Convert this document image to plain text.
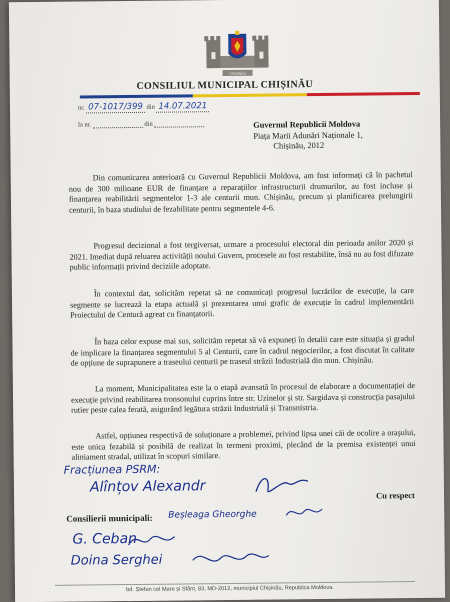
CHIȘINĂU
CONSILIUL MUNICIPAL CHIȘINĂU
nr. 07-1017/399 din 14.07.2021
la nr.	din	Guvernul Republicii Moldova
Piața Marii Adunări Naționale 1,
Chișinău, 2012

Din comunicarea anterioară cu Guvernul Republicii Moldova, am fost informați că în pachetul nou de 300 milioane EUR de finanțare a reparațiilor infrastructurii drumurilor, au fost incluse și finanțarea reabilitării segmentelor 1-3 ale centurii mun. Chișinău, precum și planificarea prelungirii centurii, în baza studiului de fezabilitate pentru segmentele 4-6.

Progresul decizional a fost tergiversat, urmare a procesului electoral din perioada anilor 2020 și 2021. Imediat după reluarea activității noului Guvern, procesele au fost restabilite, însă nu au fost difuzate public informații privind deciziile adoptate.

În contextul dat, solicităm repetat să ne comunicați progresul lucrărilor de execuție, la care segmente se lucrează la etapa actuală și prezentarea unui grafic de execuție în cadrul implementării Proiectului de Centură agreat cu finanțatorii.

În baza celor expuse mai sus, solicităm repetat să vă expuneți în detalii care este situația și gradul de implicare la finanțarea segmentului 5 al Centurii, care în cadrul negocierilor, a fost discutat în calitate de opțiune de suprapunere a traseului centurii pe traseul străzii Industrială din mun. Chișinău.

La moment, Municipalitatea este la o etapă avansată în procesul de elaborare a documentației de execuție privind reabilitarea tronsonului cuprins între str. Uzinelor și str. Sargidava și construcția pasajului rutier peste calea ferată, asigurând legătura străzii Industrială și Transnistria.

Astfel, opțiunea respectivă de soluționare a problemei, privind lipsa unei căi de ocolire a orașului, este unica fezabilă și posibilă de realizat în termeni proximi, plecând de la premisa existenței unui aliniament stradal, utilizat în scopuri similare.

Fracțiunea PSRM:
Alînțov Alexandr	Cu respect
Consilierii municipali: Beșleaga Gheorghe
G. Ceban
Doina Serghei
bd. Ștefan cel Mare și Sfânt, 83, MD-2012, municipiul Chișinău, Republica Moldova.
